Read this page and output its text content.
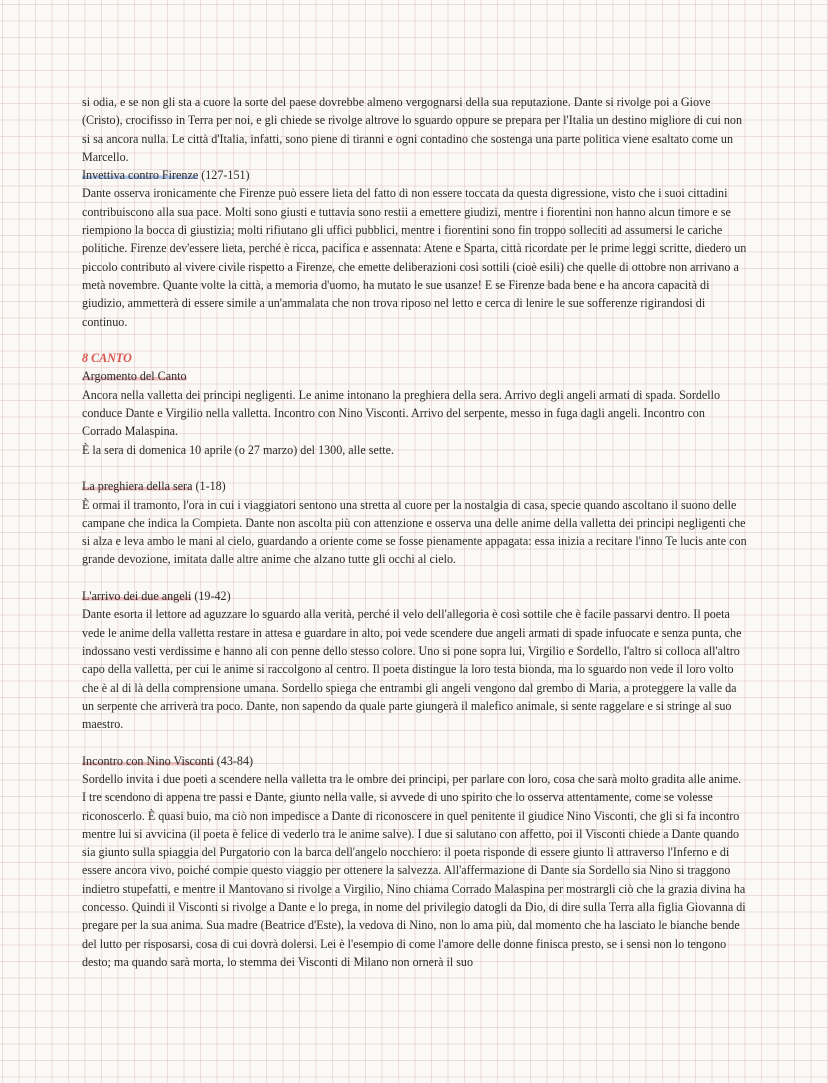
si odia, e se non gli sta a cuore la sorte del paese dovrebbe almeno vergognarsi della sua reputazione. Dante si rivolge poi a Giove (Cristo), crocifisso in Terra per noi, e gli chiede se rivolge altrove lo sguardo oppure se prepara per l'Italia un destino migliore di cui non si sa ancora nulla. Le città d'Italia, infatti, sono piene di tiranni e ogni contadino che sostenga una parte politica viene esaltato come un Marcello.

Invettiva contro Firenze (127-151)

Dante osserva ironicamente che Firenze può essere lieta del fatto di non essere toccata da questa digressione, visto che i suoi cittadini contribuiscono alla sua pace. Molti sono giusti e tuttavia sono restii a emettere giudizi, mentre i fiorentini non hanno alcun timore e se riempiono la bocca di giustizia; molti rifiutano gli uffici pubblici, mentre i fiorentini sono fin troppo solleciti ad assumersi le cariche politiche. Firenze dev'essere lieta, perché è ricca, pacifica e assennata: Atene e Sparta, città ricordate per le prime leggi scritte, diedero un piccolo contributo al vivere civile rispetto a Firenze, che emette deliberazioni così sottili (cioè esili) che quelle di ottobre non arrivano a metà novembre. Quante volte la città, a memoria d'uomo, ha mutato le sue usanze! E se Firenze bada bene e ha ancora capacità di giudizio, ammetterà di essere simile a un'ammalata che non trova riposo nel letto e cerca di lenire le sue sofferenze rigirandosi di continuo.

8 CANTO

Argomento del Canto

Ancora nella valletta dei principi negligenti. Le anime intonano la preghiera della sera. Arrivo degli angeli armati di spada. Sordello conduce Dante e Virgilio nella valletta. Incontro con Nino Visconti. Arrivo del serpente, messo in fuga dagli angeli. Incontro con Corrado Malaspina.

È la sera di domenica 10 aprile (o 27 marzo) del 1300, alle sette.

La preghiera della sera (1-18)

È ormai il tramonto, l'ora in cui i viaggiatori sentono una stretta al cuore per la nostalgia di casa, specie quando ascoltano il suono delle campane che indica la Compieta. Dante non ascolta più con attenzione e osserva una delle anime della valletta dei principi negligenti che si alza e leva ambo le mani al cielo, guardando a oriente come se fosse pienamente appagata: essa inizia a recitare l'inno Te lucis ante con grande devozione, imitata dalle altre anime che alzano tutte gli occhi al cielo.

L'arrivo dei due angeli (19-42)

Dante esorta il lettore ad aguzzare lo sguardo alla verità, perché il velo dell'allegoria è così sottile che è facile passarvi dentro. Il poeta vede le anime della valletta restare in attesa e guardare in alto, poi vede scendere due angeli armati di spade infuocate e senza punta, che indossano vesti verdissime e hanno ali con penne dello stesso colore. Uno si pone sopra lui, Virgilio e Sordello, l'altro si colloca all'altro capo della valletta, per cui le anime si raccolgono al centro. Il poeta distingue la loro testa bionda, ma lo sguardo non vede il loro volto che è al di là della comprensione umana. Sordello spiega che entrambi gli angeli vengono dal grembo di Maria, a proteggere la valle da un serpente che arriverà tra poco. Dante, non sapendo da quale parte giungerà il malefico animale, si sente raggelare e si stringe al suo maestro.

Incontro con Nino Visconti (43-84)

Sordello invita i due poeti a scendere nella valletta tra le ombre dei principi, per parlare con loro, cosa che sarà molto gradita alle anime. I tre scendono di appena tre passi e Dante, giunto nella valle, si avvede di uno spirito che lo osserva attentamente, come se volesse riconoscerlo. È quasi buio, ma ciò non impedisce a Dante di riconoscere in quel penitente il giudice Nino Visconti, che gli si fa incontro mentre lui si avvicina (il poeta è felice di vederlo tra le anime salve). I due si salutano con affetto, poi il Visconti chiede a Dante quando sia giunto sulla spiaggia del Purgatorio con la barca dell'angelo nocchiero: il poeta risponde di essere giunto lì attraverso l'Inferno e di essere ancora vivo, poiché compie questo viaggio per ottenere la salvezza. All'affermazione di Dante sia Sordello sia Nino si traggono indietro stupefatti, e mentre il Mantovano si rivolge a Virgilio, Nino chiama Corrado Malaspina per mostrargli ciò che la grazia divina ha concesso. Quindi il Visconti si rivolge a Dante e lo prega, in nome del privilegio datogli da Dio, di dire sulla Terra alla figlia Giovanna di pregare per la sua anima. Sua madre (Beatrice d'Este), la vedova di Nino, non lo ama più, dal momento che ha lasciato le bianche bende del lutto per risposarsi, cosa di cui dovrà dolersi. Lei è l'esempio di come l'amore delle donne finisca presto, se i sensi non lo tengono desto; ma quando sarà morta, lo stemma dei Visconti di Milano non ornerà il suo
